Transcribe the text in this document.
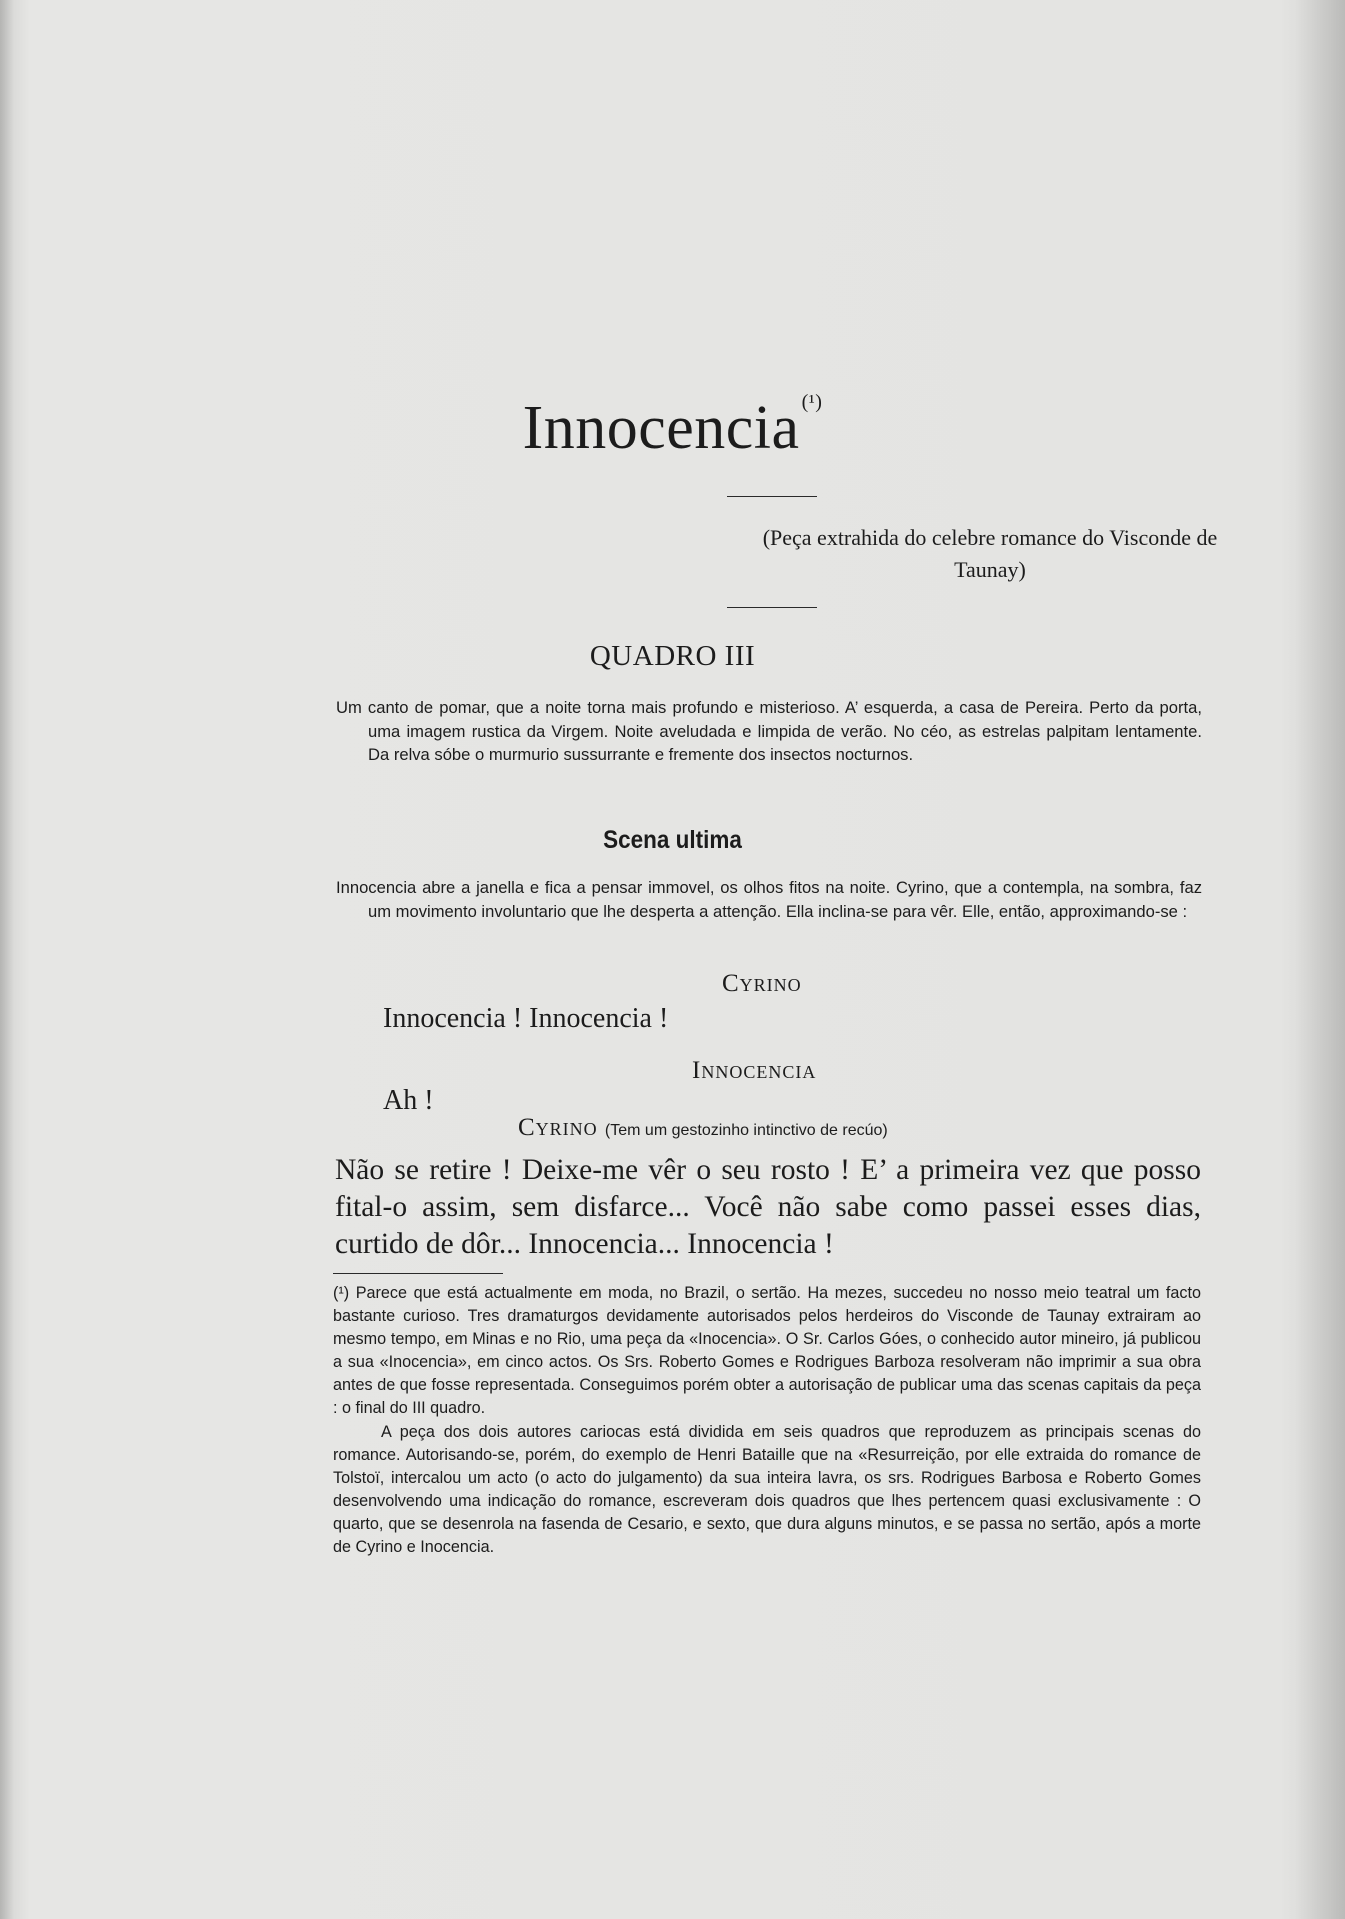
Innocencia $^{(^1)}$
(Peça extrahida do celebre romance do Visconde de Taunay)
QUADRO III

Um canto de pomar, que a noite torna mais profundo e misterioso. A’ esquerda, a casa de Pereira. Perto da porta, uma imagem rustica da Virgem. Noite aveludada e limpida de verão. No céo, as estrelas palpitam lentamente. Da relva sóbe o murmurio sussurrante e fremente dos insectos nocturnos.

Scena ultima

Innocencia abre a janella e fica a pensar immovel, os olhos fitos na noite. Cyrino, que a contempla, na sombra, faz um movimento involuntario que lhe desperta a attenção. Ella inclina-se para vêr. Elle, então, approximando-se :

Cyrino
Innocencia ! Innocencia !
Innocencia
Ah !
Cyrino (Tem um gestozinho intinctivo de recúo)
Não se retire ! Deixe-me vêr o seu rosto ! E’ a primeira vez que posso fital-o assim, sem disfarce... Você não sabe como passei esses dias, curtido de dôr... Innocencia... Innocencia !

(¹) Parece que está actualmente em moda, no Brazil, o sertão. Ha mezes, succedeu no nosso meio teatral um facto bastante curioso. Tres dramaturgos devidamente autorisados pelos herdeiros do Visconde de Taunay extrairam ao mesmo tempo, em Minas e no Rio, uma peça da «Inocencia». O Sr. Carlos Góes, o conhecido autor mineiro, já publicou a sua «Inocencia», em cinco actos. Os Srs. Roberto Gomes e Rodrigues Barboza resolveram não imprimir a sua obra antes de que fosse representada. Conseguimos porém obter a autorisação de publicar uma das scenas capitais da peça : o final do III quadro.

A peça dos dois autores cariocas está dividida em seis quadros que reproduzem as principais scenas do romance. Autorisando-se, porém, do exemplo de Henri Bataille que na «Resurreição, por elle extraida do romance de Tolstoï, intercalou um acto (o acto do julgamento) da sua inteira lavra, os srs. Rodrigues Barbosa e Roberto Gomes desenvolvendo uma indicação do romance, escreveram dois quadros que lhes pertencem quasi exclusivamente : O quarto, que se desenrola na fasenda de Cesario, e sexto, que dura alguns minutos, e se passa no sertão, após a morte de Cyrino e Inocencia.
